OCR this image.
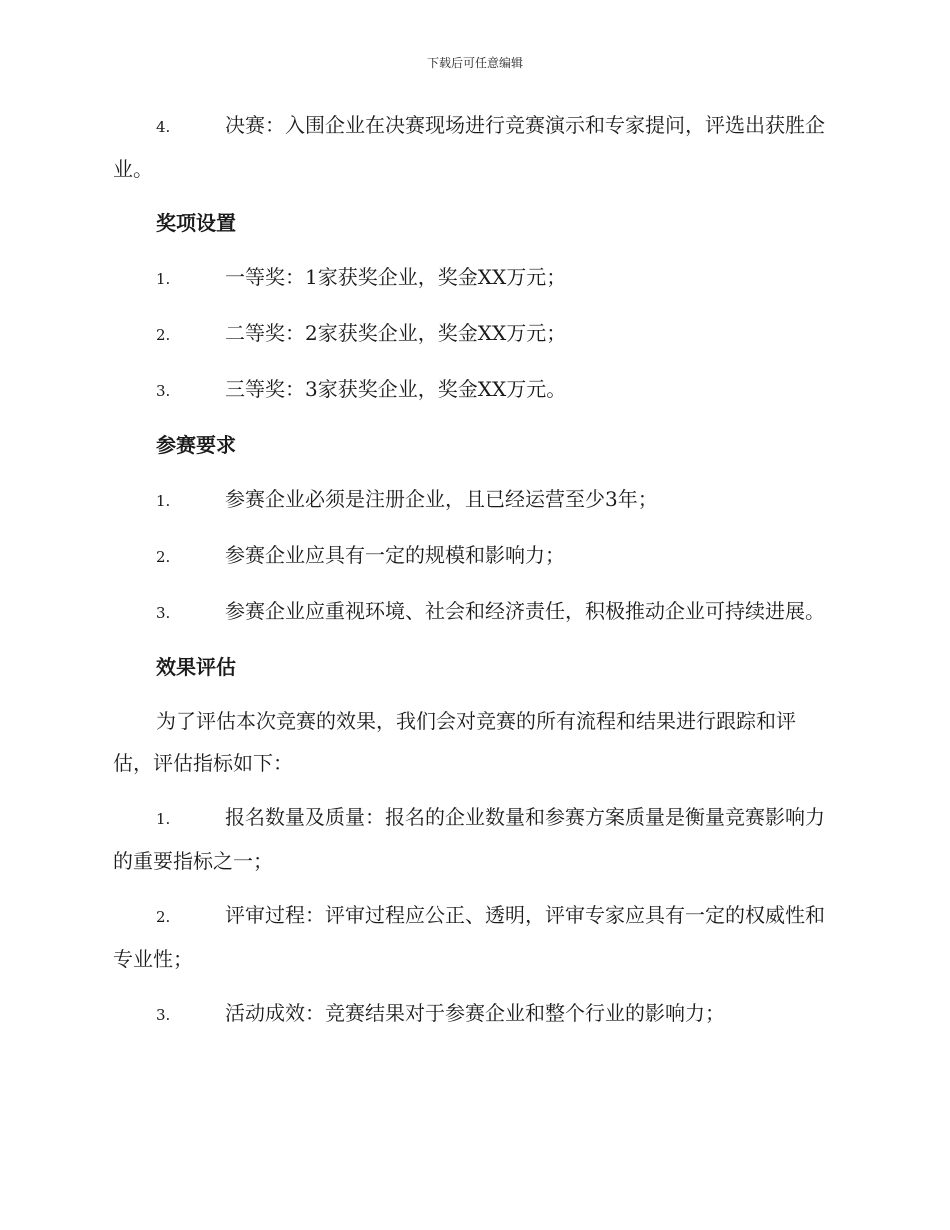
下载后可任意编辑
4.	决赛：入围企业在决赛现场进行竞赛演示和专家提问，评选出获胜企业。
奖项设置
1.	一等奖：1家获奖企业，奖金XX万元；
2.	二等奖：2家获奖企业，奖金XX万元；
3.	三等奖：3家获奖企业，奖金XX万元。
参赛要求
1.	参赛企业必须是注册企业，且已经运营至少3年；
2.	参赛企业应具有一定的规模和影响力；
3.	参赛企业应重视环境、社会和经济责任，积极推动企业可持续进展。
效果评估
为了评估本次竞赛的效果，我们会对竞赛的所有流程和结果进行跟踪和评估，评估指标如下：
1.	报名数量及质量：报名的企业数量和参赛方案质量是衡量竞赛影响力的重要指标之一；
2.	评审过程：评审过程应公正、透明，评审专家应具有一定的权威性和专业性；
3.	活动成效：竞赛结果对于参赛企业和整个行业的影响力；
